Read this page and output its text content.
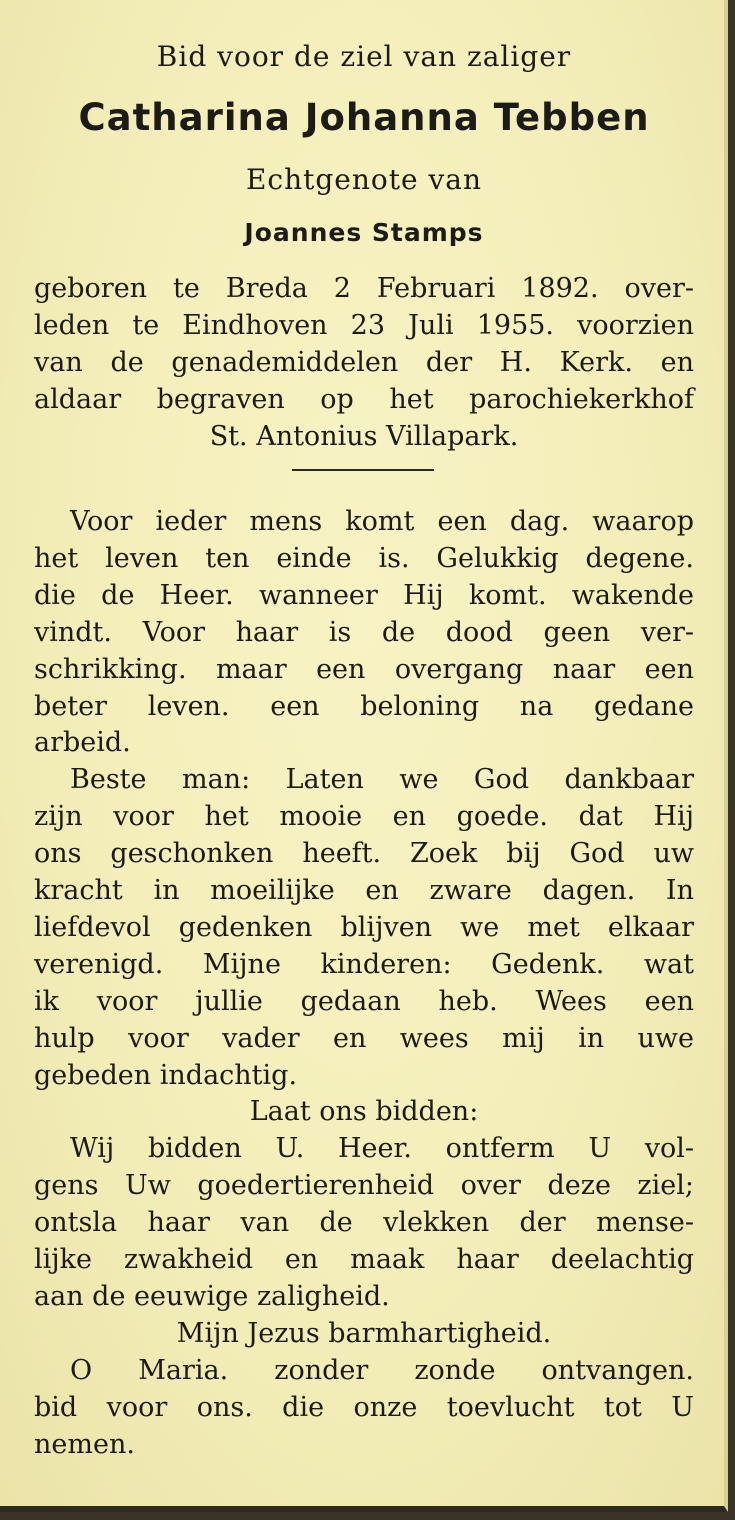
Bid voor de ziel van zaliger
Catharina Johanna Tebben
Echtgenote van
Joannes Stamps
geboren te Breda 2 Februari 1892. over-
leden te Eindhoven 23 Juli 1955. voorzien
van de genademiddelen der H. Kerk. en
aldaar begraven op het parochiekerkhof
St. Antonius Villapark.
Voor ieder mens komt een dag. waarop
het leven ten einde is. Gelukkig degene.
die de Heer. wanneer Hij komt. wakende
vindt. Voor haar is de dood geen ver-
schrikking. maar een overgang naar een
beter leven. een beloning na gedane
arbeid.
Beste man: Laten we God dankbaar
zijn voor het mooie en goede. dat Hij
ons geschonken heeft. Zoek bij God uw
kracht in moeilijke en zware dagen. In
liefdevol gedenken blijven we met elkaar
verenigd. Mijne kinderen: Gedenk. wat
ik voor jullie gedaan heb. Wees een
hulp voor vader en wees mij in uwe
gebeden indachtig.
Laat ons bidden:
Wij bidden U. Heer. ontferm U vol-
gens Uw goedertierenheid over deze ziel;
ontsla haar van de vlekken der mense-
lijke zwakheid en maak haar deelachtig
aan de eeuwige zaligheid.
Mijn Jezus barmhartigheid.
O Maria. zonder zonde ontvangen.
bid voor ons. die onze toevlucht tot U
nemen.
